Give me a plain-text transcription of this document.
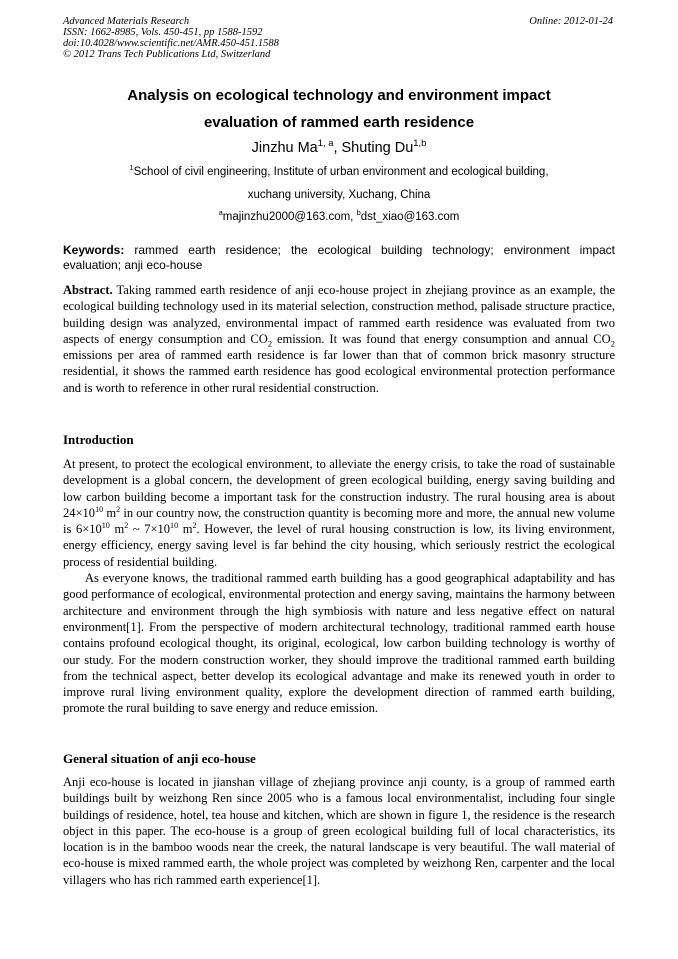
Advanced Materials Research
ISSN: 1662-8985, Vols. 450-451, pp 1588-1592
doi:10.4028/www.scientific.net/AMR.450-451.1588
© 2012 Trans Tech Publications Ltd, Switzerland
Online: 2012-01-24
Analysis on ecological technology and environment impact
evaluation of rammed earth residence
Jinzhu Ma$^{1, a}$, Shuting Du$^{1,b}$
$^1$School of civil engineering, Institute of urban environment and ecological building,
xuchang university, Xuchang, China
$^a$majinzhu2000@163.com, $^b$dst_xiao@163.com
Keywords: rammed earth residence; the ecological building technology; environment impact evaluation; anji eco-house
Abstract. Taking rammed earth residence of anji eco-house project in zhejiang province as an example, the ecological building technology used in its material selection, construction method, palisade structure practice, building design was analyzed, environmental impact of rammed earth residence was evaluated from two aspects of energy consumption and $CO_2$ emission. It was found that energy consumption and annual $CO_2$ emissions per area of rammed earth residence is far lower than that of common brick masonry structure residential, it shows the rammed earth residence has good ecological environmental protection performance and is worth to reference in other rural residential construction.
Introduction

At present, to protect the ecological environment, to alleviate the energy crisis, to take the road of sustainable development is a global concern, the development of green ecological building, energy saving building and low carbon building become a important task for the construction industry. The rural housing area is about $24\times 10^{10}$ $m^2$ in our country now, the construction quantity is becoming more and more, the annual new volume is $6\times 10^{10}$ $m^2$ ~ $7\times 10^{10}$ $m^2$. However, the level of rural housing construction is low, its living environment, energy efficiency, energy saving level is far behind the city housing, which seriously restrict the ecological process of residential building.

As everyone knows, the traditional rammed earth building has a good geographical adaptability and has good performance of ecological, environmental protection and energy saving, maintains the harmony between architecture and environment through the high symbiosis with nature and less negative effect on natural environment[1]. From the perspective of modern architectural technology, traditional rammed earth house contains profound ecological thought, its original, ecological, low carbon building technology is worthy of our study. For the modern construction worker, they should improve the traditional rammed earth building from the technical aspect, better develop its ecological advantage and make its renewed youth in order to improve rural living environment quality, explore the development direction of rammed earth building, promote the rural building to save energy and reduce emission.

General situation of anji eco-house

Anji eco-house is located in jianshan village of zhejiang province anji county, is a group of rammed earth buildings built by weizhong Ren since 2005 who is a famous local environmentalist, including four single buildings of residence, hotel, tea house and kitchen, which are shown in figure 1, the residence is the research object in this paper. The eco-house is a group of green ecological building full of local characteristics, its location is in the bamboo woods near the creek, the natural landscape is very beautiful. The wall material of eco-house is mixed rammed earth, the whole project was completed by weizhong Ren, carpenter and the local villagers who has rich rammed earth experience[1].
